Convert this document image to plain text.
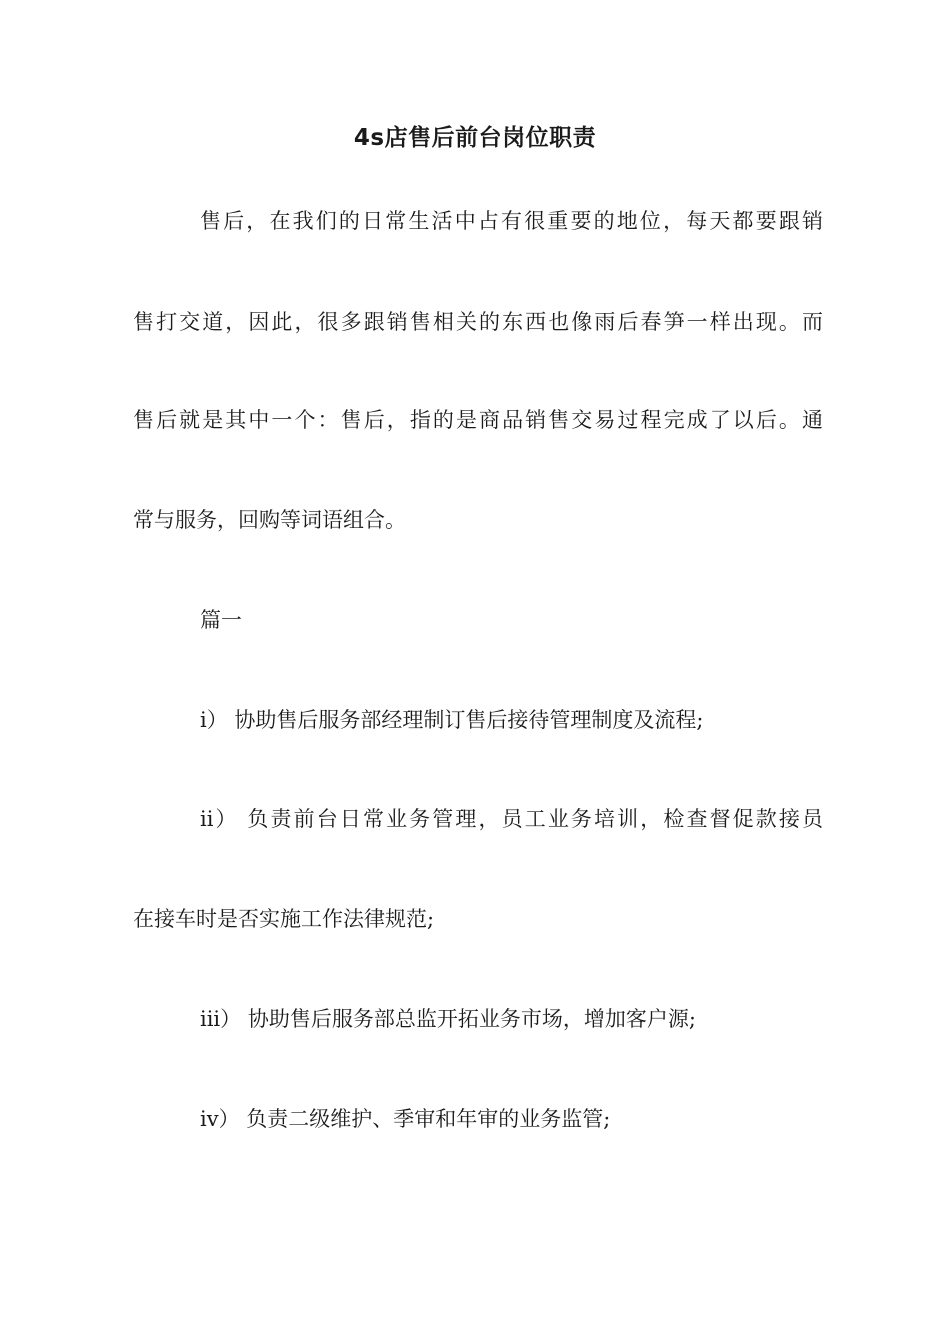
4s店售后前台岗位职责
售后，在我们的日常生活中占有很重要的地位，每天都要跟销
售打交道，因此，很多跟销售相关的东西也像雨后春笋一样出现。而
售后就是其中一个：售后，指的是商品销售交易过程完成了以后。通
常与服务，回购等词语组合。
篇一
i） 协助售后服务部经理制订售后接待管理制度及流程;
ii） 负责前台日常业务管理，员工业务培训，检查督促款接员
在接车时是否实施工作法律规范;
iii） 协助售后服务部总监开拓业务市场，增加客户源;
iv） 负责二级维护、季审和年审的业务监管;
